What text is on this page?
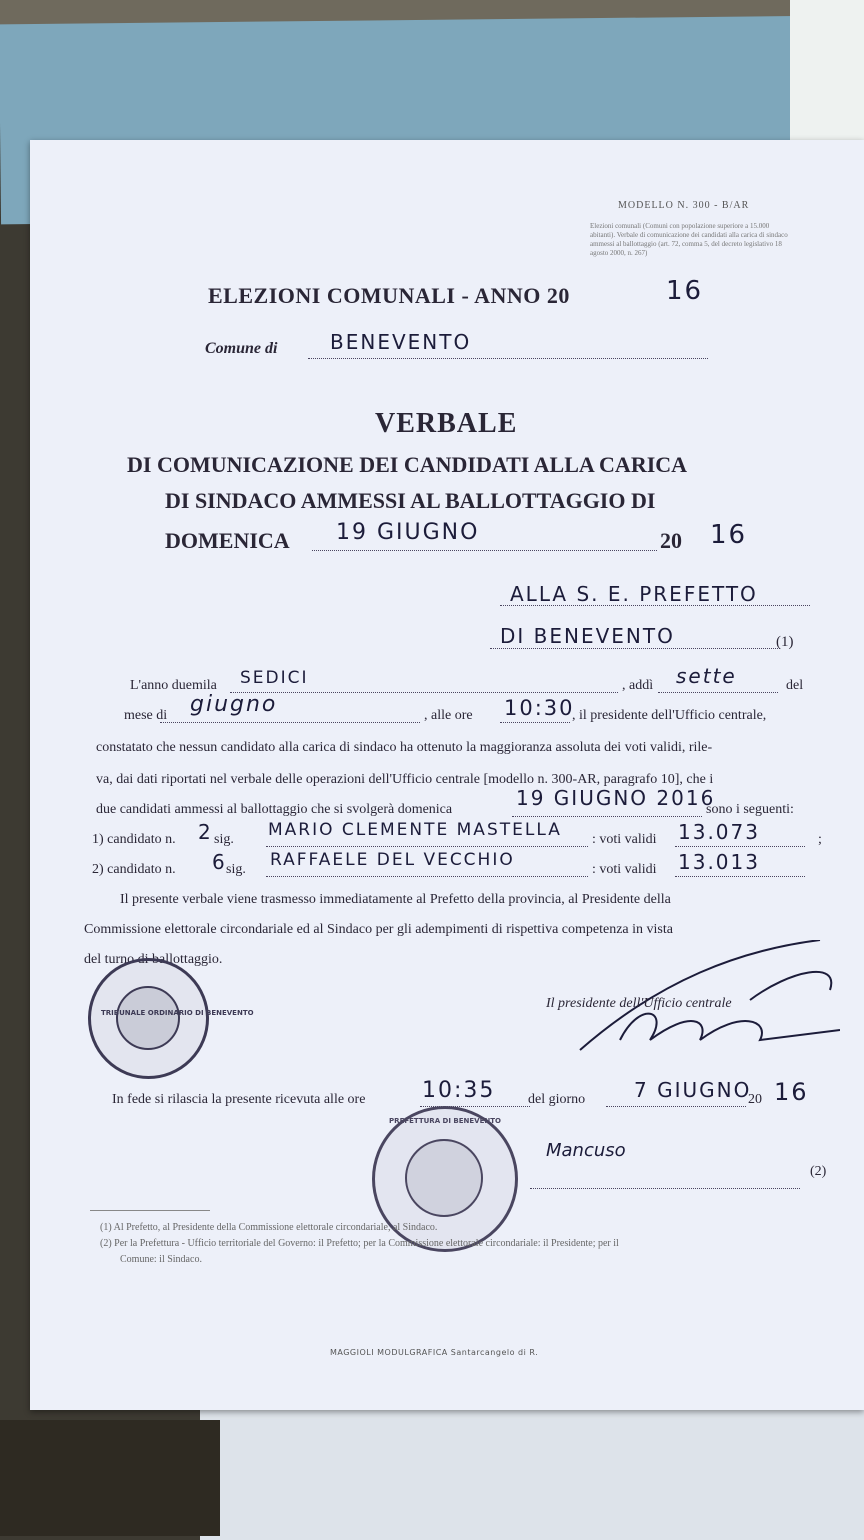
MODELLO N. 300 - B/AR
Elezioni comunali (Comuni con popolazione superiore a 15.000 abitanti). Verbale di comunicazione dei candidati alla carica di sindaco ammessi al ballottaggio (art. 72, comma 5, del decreto legislativo 18 agosto 2000, n. 267)
ELEZIONI COMUNALI - ANNO 20	16
Comune di	BENEVENTO
VERBALE
DI COMUNICAZIONE DEI CANDIDATI ALLA CARICA
DI SINDACO AMMESSI AL BALLOTTAGGIO DI
DOMENICA 19 GIUGNO	20 16
ALLA S. E. PREFETTO
DI BENEVENTO	(1)
L'anno duemila SEDICI	, addì sette	del
mese di giugno	, alle ore 10:30
, il presidente dell'Ufficio centrale,
constatato che nessun candidato alla carica di sindaco ha ottenuto la maggioranza assoluta dei voti validi, rile-
va, dai dati riportati nel verbale delle operazioni dell'Ufficio centrale [modello n. 300-AR, paragrafo 10], che i
due candidati ammessi al ballottaggio che si svolgerà domenica	19 GIUGNO 2016
sono i seguenti:
1) candidato n. 2 sig. MARIO CLEMENTE MASTELLA : voti validi 13.073	;
2) candidato n. 6 sig. RAFFAELE DEL VECCHIO	: voti validi 13.013
Il presente verbale viene trasmesso immediatamente al Prefetto della provincia, al Presidente della
Commissione elettorale circondariale ed al Sindaco per gli adempimenti di rispettiva competenza in vista
del turno di ballottaggio.
TRIBUNALE ORDINARIO DI BENEVENTO
Il presidente dell'Ufficio centrale
In fede si rilascia la presente ricevuta alle ore	10:35 del giorno 7 GIUGNO
20 16
PREFETTURA DI BENEVENTO
Mancuso
(2)
(1) Al Prefetto, al Presidente della Commissione elettorale circondariale, al Sindaco.
(2) Per la Prefettura - Ufficio territoriale del Governo: il Prefetto; per la Commissione elettorale circondariale: il Presidente; per il
Comune: il Sindaco.
MAGGIOLI MODULGRAFICA Santarcangelo di R.
